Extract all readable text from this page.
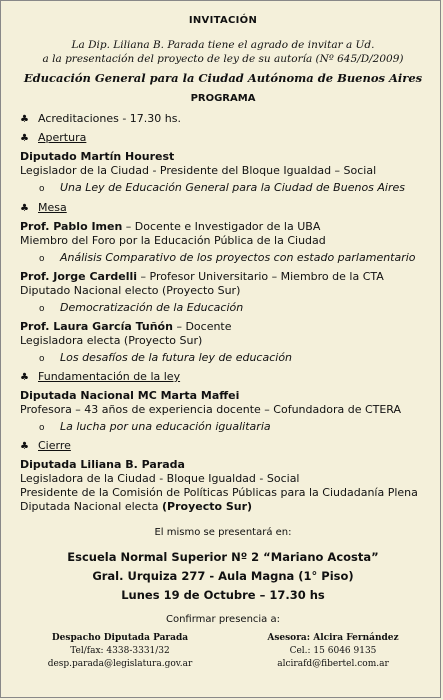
INVITACIÓN
La Dip. Liliana B. Parada tiene el agrado de invitar a Ud.
a la presentación del proyecto de ley de su autoría (Nº 645/D/2009)
Educación General para la Ciudad Autónoma de Buenos Aires
PROGRAMA
♣ Acreditaciones - 17.30 hs.
♣ Apertura
Diputado Martín Hourest
Legislador de la Ciudad - Presidente del Bloque Igualdad – Social
o	Una Ley de Educación General para la Ciudad de Buenos Aires
♣ Mesa
Prof. Pablo Imen – Docente e Investigador de la UBA
Miembro del Foro por la Educación Pública de la Ciudad
o	Análisis Comparativo de los proyectos con estado parlamentario
Prof. Jorge Cardelli – Profesor Universitario – Miembro de la CTA
Diputado Nacional electo (Proyecto Sur)
o	Democratización de la Educación
Prof. Laura García Tuñón – Docente
Legisladora electa (Proyecto Sur)
o	Los desafíos de la futura ley de educación
♣ Fundamentación de la ley
Diputada Nacional MC Marta Maffei
Profesora – 43 años de experiencia docente – Cofundadora de CTERA
o	La lucha por una educación igualitaria
♣ Cierre
Diputada Liliana B. Parada
Legisladora de la Ciudad - Bloque Igualdad - Social
Presidente de la Comisión de Políticas Públicas para la Ciudadanía Plena
Diputada Nacional electa (Proyecto Sur)
El mismo se presentará en:
Escuela Normal Superior Nº 2 “Mariano Acosta”
Gral. Urquiza 277 - Aula Magna (1° Piso)
Lunes 19 de Octubre – 17.30 hs
Confirmar presencia a:
Despacho Diputada Parada
Tel/fax: 4338-3331/32
desp.parada@legislatura.gov.ar
Asesora: Alcira Fernández
Cel.: 15 6046 9135
alcirafd@fibertel.com.ar
